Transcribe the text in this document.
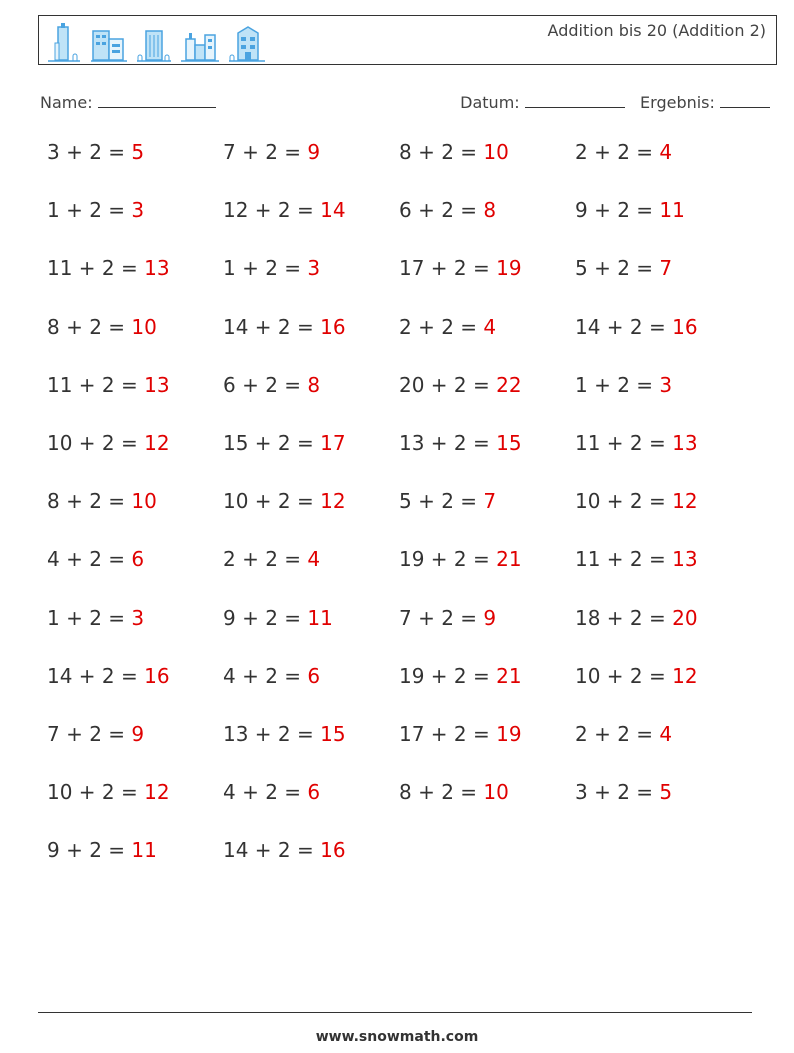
Addition bis 20 (Addition 2)
Name:	Datum:	Ergebnis:
3 + 2 = 5	7 + 2 = 9	8 + 2 = 10	2 + 2 = 4
1 + 2 = 3	12 + 2 = 14	6 + 2 = 8	9 + 2 = 11
11 + 2 = 13	1 + 2 = 3	17 + 2 = 19	5 + 2 = 7
8 + 2 = 10	14 + 2 = 16	2 + 2 = 4	14 + 2 = 16
11 + 2 = 13	6 + 2 = 8	20 + 2 = 22	1 + 2 = 3
10 + 2 = 12	15 + 2 = 17	13 + 2 = 15	11 + 2 = 13
8 + 2 = 10	10 + 2 = 12	5 + 2 = 7	10 + 2 = 12
4 + 2 = 6	2 + 2 = 4	19 + 2 = 21	11 + 2 = 13
1 + 2 = 3	9 + 2 = 11	7 + 2 = 9	18 + 2 = 20
14 + 2 = 16	4 + 2 = 6	19 + 2 = 21	10 + 2 = 12
7 + 2 = 9	13 + 2 = 15	17 + 2 = 19	2 + 2 = 4
10 + 2 = 12	4 + 2 = 6	8 + 2 = 10	3 + 2 = 5
9 + 2 = 11	14 + 2 = 16
www.snowmath.com
